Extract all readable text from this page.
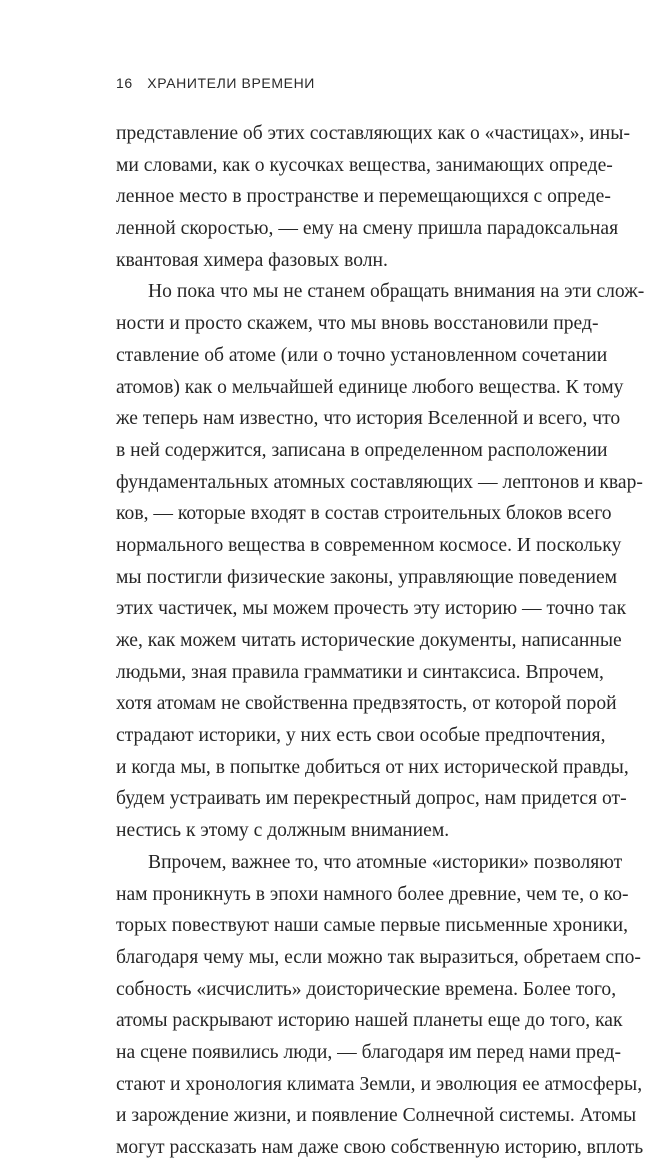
16 ХРАНИТЕЛИ ВРЕМЕНИ
представление об этих составляющих как о «частицах», ины-
ми словами, как о кусочках вещества, занимающих опреде-
ленное место в пространстве и перемещающихся с опреде-
ленной скоростью, — ему на смену пришла парадоксальная
квантовая химера фазовых волн.
Но пока что мы не станем обращать внимания на эти слож-
ности и просто скажем, что мы вновь восстановили пред-
ставление об атоме (или о точно установленном сочетании
атомов) как о мельчайшей единице любого вещества. К тому
же теперь нам известно, что история Вселенной и всего, что
в ней содержится, записана в определенном расположении
фундаментальных атомных составляющих — лептонов и квар-
ков, — которые входят в состав строительных блоков всего
нормального вещества в современном космосе. И поскольку
мы постигли физические законы, управляющие поведением
этих частичек, мы можем прочесть эту историю — точно так
же, как можем читать исторические документы, написанные
людьми, зная правила грамматики и синтаксиса. Впрочем,
хотя атомам не свойственна предвзятость, от которой порой
страдают историки, у них есть свои особые предпочтения,
и когда мы, в попытке добиться от них исторической правды,
будем устраивать им перекрестный допрос, нам придется от-
нестись к этому с должным вниманием.
Впрочем, важнее то, что атомные «историки» позволяют
нам проникнуть в эпохи намного более древние, чем те, о ко-
торых повествуют наши самые первые письменные хроники,
благодаря чему мы, если можно так выразиться, обретаем спо-
собность «исчислить» доисторические времена. Более того,
атомы раскрывают историю нашей планеты еще до того, как
на сцене появились люди, — благодаря им перед нами пред-
стают и хронология климата Земли, и эволюция ее атмосферы,
и зарождение жизни, и появление Солнечной системы. Атомы
могут рассказать нам даже свою собственную историю, вплоть
